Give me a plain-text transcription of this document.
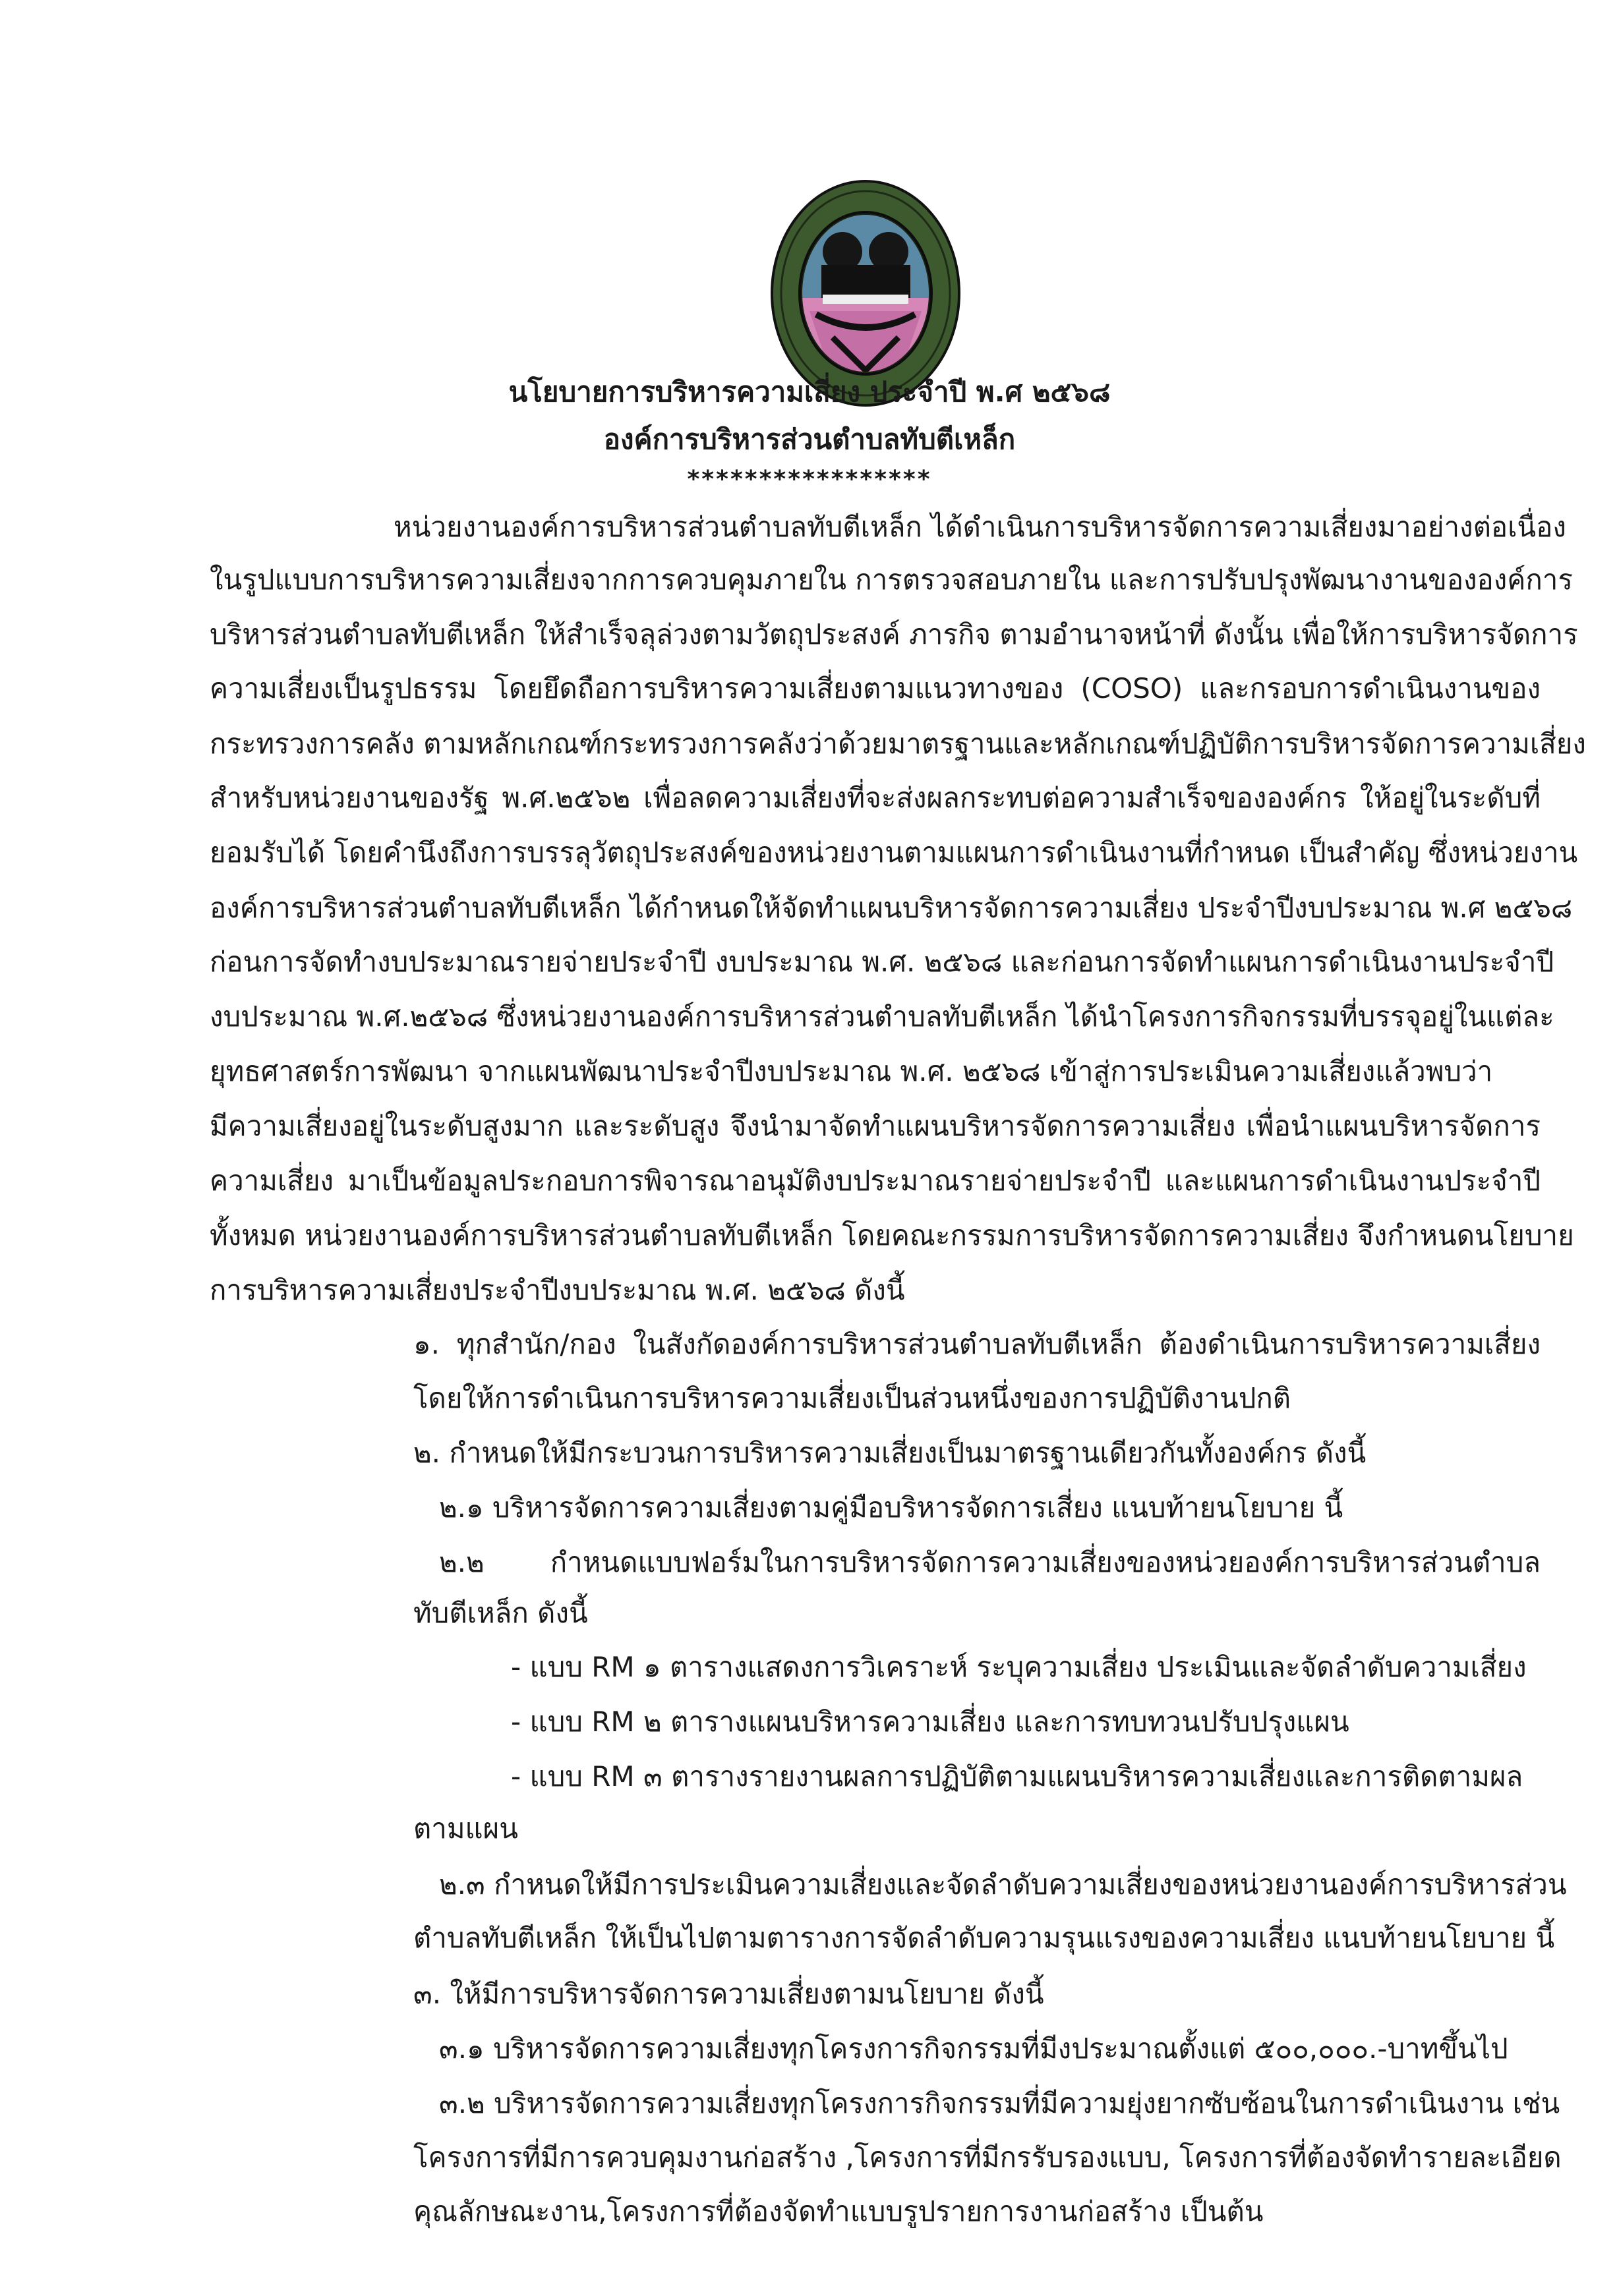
นโยบายการบริหารความเสี่ยง ประจำปี พ.ศ ๒๕๖๘
องค์การบริหารส่วนตำบลทับตีเหล็ก
*****************
หน่วยงานองค์การบริหารส่วนตำบลทับตีเหล็ก ได้ดำเนินการบริหารจัดการความเสี่ยงมาอย่างต่อเนื่อง
ในรูปแบบการบริหารความเสี่ยงจากการควบคุมภายใน การตรวจสอบภายใน และการปรับปรุงพัฒนางานขององค์การ
บริหารส่วนตำบลทับตีเหล็ก ให้สำเร็จลุล่วงตามวัตถุประสงค์ ภารกิจ ตามอำนาจหน้าที่ ดังนั้น เพื่อให้การบริหารจัดการ
ความเสี่ยงเป็นรูปธรรม โดยยึดถือการบริหารความเสี่ยงตามแนวทางของ (COSO) และกรอบการดำเนินงานของ
กระทรวงการคลัง ตามหลักเกณฑ์กระทรวงการคลังว่าด้วยมาตรฐานและหลักเกณฑ์ปฏิบัติการบริหารจัดการความเสี่ยง
สำหรับหน่วยงานของรัฐ พ.ศ.๒๕๖๒ เพื่อลดความเสี่ยงที่จะส่งผลกระทบต่อความสำเร็จขององค์กร ให้อยู่ในระดับที่
ยอมรับได้ โดยคำนึงถึงการบรรลุวัตถุประสงค์ของหน่วยงานตามแผนการดำเนินงานที่กำหนด เป็นสำคัญ ซึ่งหน่วยงาน
องค์การบริหารส่วนตำบลทับตีเหล็ก ได้กำหนดให้จัดทำแผนบริหารจัดการความเสี่ยง ประจำปีงบประมาณ พ.ศ ๒๕๖๘
ก่อนการจัดทำงบประมาณรายจ่ายประจำปี งบประมาณ พ.ศ. ๒๕๖๘ และก่อนการจัดทำแผนการดำเนินงานประจำปี
งบประมาณ พ.ศ.๒๕๖๘ ซึ่งหน่วยงานองค์การบริหารส่วนตำบลทับตีเหล็ก ได้นำโครงการกิจกรรมที่บรรจุอยู่ในแต่ละ
ยุทธศาสตร์การพัฒนา จากแผนพัฒนาประจำปีงบประมาณ พ.ศ. ๒๕๖๘ เข้าสู่การประเมินความเสี่ยงแล้วพบว่า
มีความเสี่ยงอยู่ในระดับสูงมาก และระดับสูง จึงนำมาจัดทำแผนบริหารจัดการความเสี่ยง เพื่อนำแผนบริหารจัดการ
ความเสี่ยง มาเป็นข้อมูลประกอบการพิจารณาอนุมัติงบประมาณรายจ่ายประจำปี และแผนการดำเนินงานประจำปี
ทั้งหมด หน่วยงานองค์การบริหารส่วนตำบลทับตีเหล็ก โดยคณะกรรมการบริหารจัดการความเสี่ยง จึงกำหนดนโยบาย
การบริหารความเสี่ยงประจำปีงบประมาณ พ.ศ. ๒๕๖๘ ดังนี้
๑. ทุกสำนัก/กอง ในสังกัดองค์การบริหารส่วนตำบลทับตีเหล็ก ต้องดำเนินการบริหารความเสี่ยง
โดยให้การดำเนินการบริหารความเสี่ยงเป็นส่วนหนึ่งของการปฏิบัติงานปกติ
๒. กำหนดให้มีกระบวนการบริหารความเสี่ยงเป็นมาตรฐานเดียวกันทั้งองค์กร ดังนี้
๒.๑ บริหารจัดการความเสี่ยงตามคู่มือบริหารจัดการเสี่ยง แนบท้ายนโยบาย นี้
๒.๒ กำหนดแบบฟอร์มในการบริหารจัดการความเสี่ยงของหน่วยองค์การบริหารส่วนตำบล
ทับตีเหล็ก ดังนี้
- แบบ RM ๑ ตารางแสดงการวิเคราะห์ ระบุความเสี่ยง ประเมินและจัดลำดับความเสี่ยง
- แบบ RM ๒ ตารางแผนบริหารความเสี่ยง และการทบทวนปรับปรุงแผน
- แบบ RM ๓ ตารางรายงานผลการปฏิบัติตามแผนบริหารความเสี่ยงและการติดตามผล
ตามแผน
๒.๓ กำหนดให้มีการประเมินความเสี่ยงและจัดลำดับความเสี่ยงของหน่วยงานองค์การบริหารส่วน
ตำบลทับตีเหล็ก ให้เป็นไปตามตารางการจัดลำดับความรุนแรงของความเสี่ยง แนบท้ายนโยบาย นี้
๓. ให้มีการบริหารจัดการความเสี่ยงตามนโยบาย ดังนี้
๓.๑ บริหารจัดการความเสี่ยงทุกโครงการกิจกรรมที่มีงประมาณตั้งแต่ ๕๐๐,๐๐๐.-บาทขึ้นไป
๓.๒ บริหารจัดการความเสี่ยงทุกโครงการกิจกรรมที่มีความยุ่งยากซับซ้อนในการดำเนินงาน เช่น
โครงการที่มีการควบคุมงานก่อสร้าง ,โครงการที่มีกรรับรองแบบ, โครงการที่ต้องจัดทำรายละเอียด
คุณลักษณะงาน,โครงการที่ต้องจัดทำแบบรูปรายการงานก่อสร้าง เป็นต้น
